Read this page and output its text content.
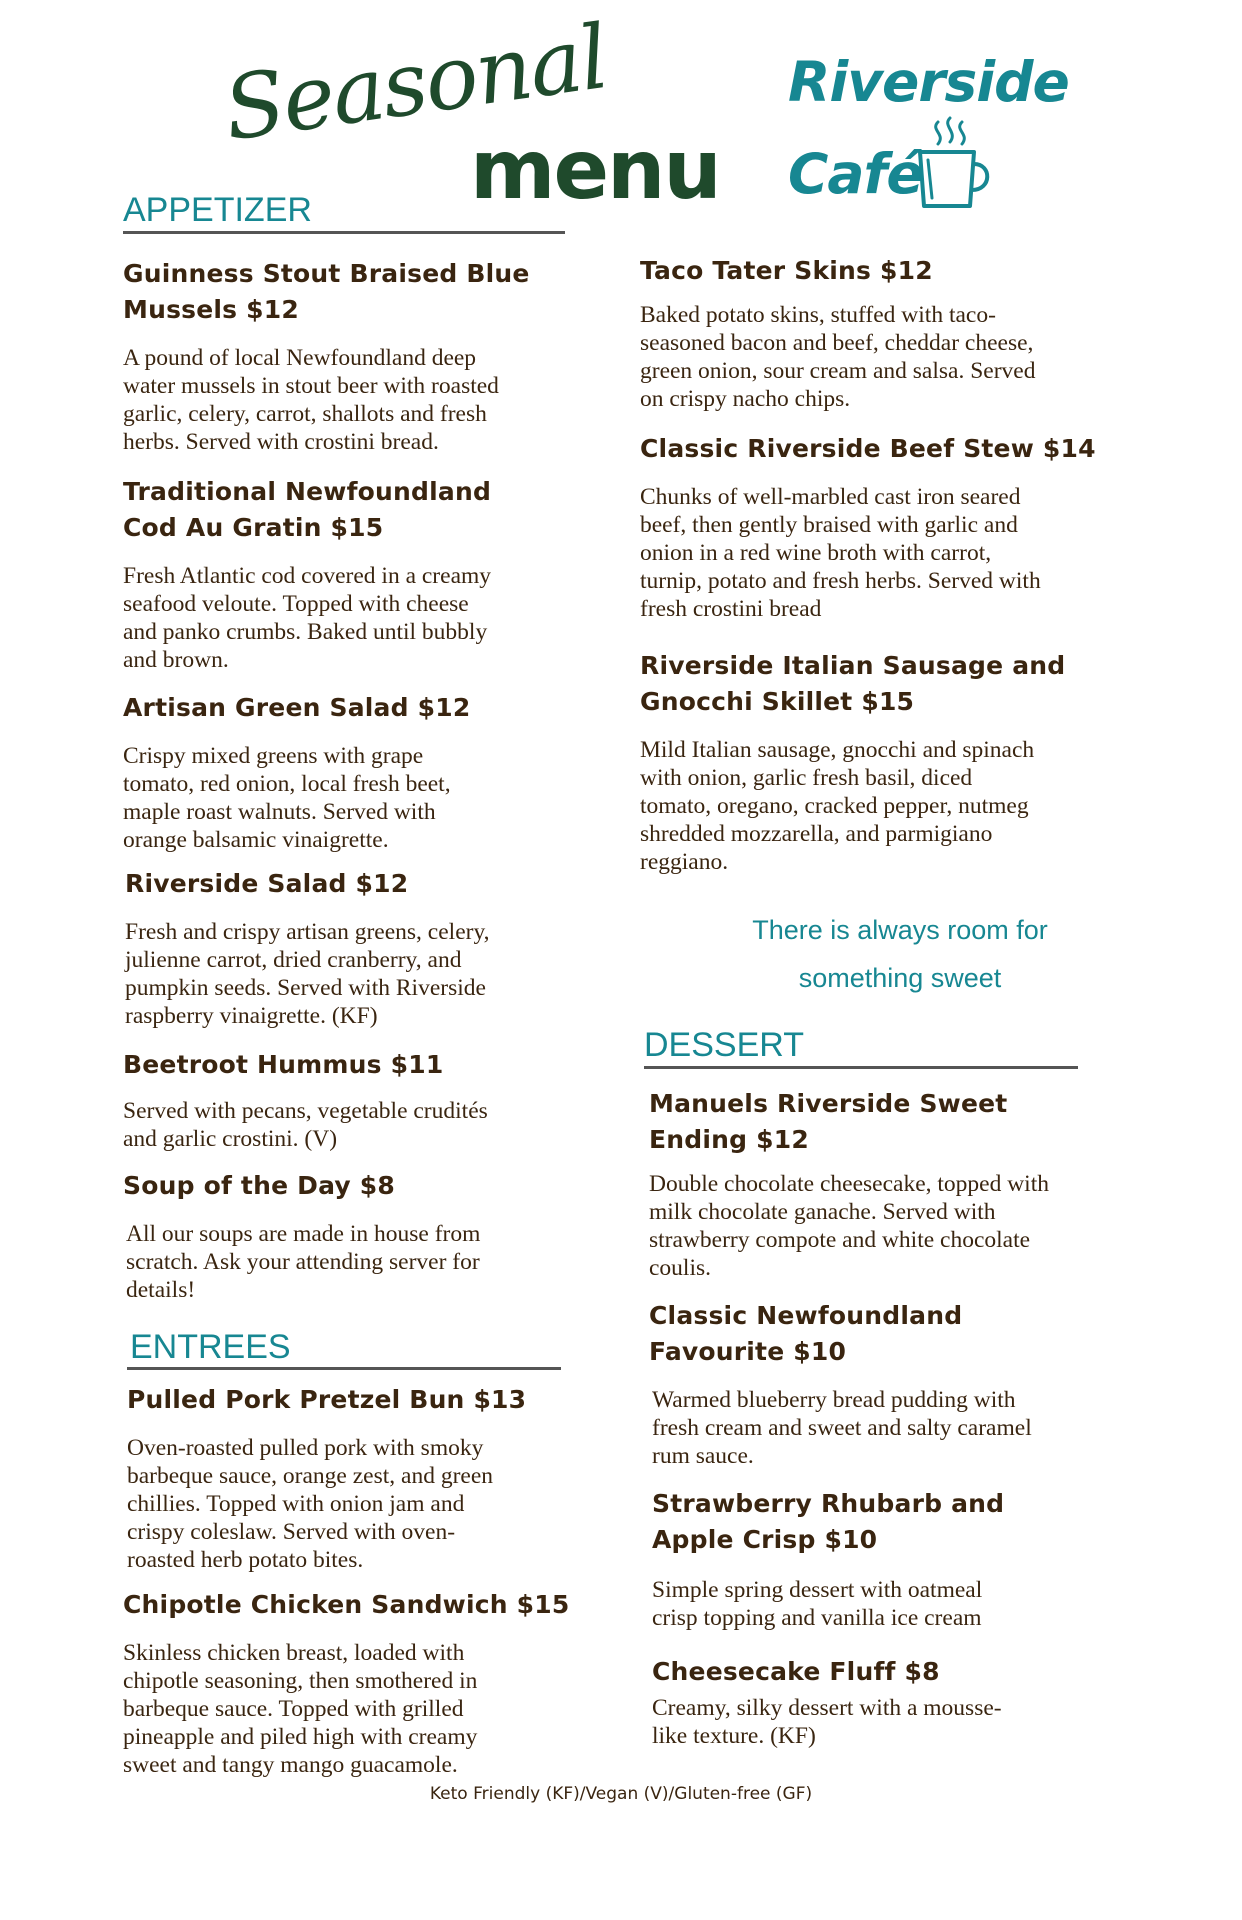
Seasonal
menu
Riverside
Café
APPETIZER
Guinness Stout Braised Blue
Mussels $12
A pound of local Newfoundland deep
water mussels in stout beer with roasted
garlic, celery, carrot, shallots and fresh
herbs. Served with crostini bread.
Traditional Newfoundland
Cod Au Gratin $15
Fresh Atlantic cod covered in a creamy
seafood veloute. Topped with cheese
and panko crumbs. Baked until bubbly
and brown.
Artisan Green Salad $12
Crispy mixed greens with grape
tomato, red onion, local fresh beet,
maple roast walnuts. Served with
orange balsamic vinaigrette.
Riverside Salad $12
Fresh and crispy artisan greens, celery,
julienne carrot, dried cranberry, and
pumpkin seeds. Served with Riverside
raspberry vinaigrette. (KF)
Beetroot Hummus $11
Served with pecans, vegetable crudités
and garlic crostini. (V)
Soup of the Day $8
All our soups are made in house from
scratch. Ask your attending server for
details!
ENTREES
Pulled Pork Pretzel Bun $13
Oven-roasted pulled pork with smoky
barbeque sauce, orange zest, and green
chillies. Topped with onion jam and
crispy coleslaw. Served with oven-
roasted herb potato bites.
Chipotle Chicken Sandwich $15
Skinless chicken breast, loaded with
chipotle seasoning, then smothered in
barbeque sauce. Topped with grilled
pineapple and piled high with creamy
sweet and tangy mango guacamole.
Taco Tater Skins $12
Baked potato skins, stuffed with taco-
seasoned bacon and beef, cheddar cheese,
green onion, sour cream and salsa. Served
on crispy nacho chips.
Classic Riverside Beef Stew $14
Chunks of well-marbled cast iron seared
beef, then gently braised with garlic and
onion in a red wine broth with carrot,
turnip, potato and fresh herbs. Served with
fresh crostini bread
Riverside Italian Sausage and
Gnocchi Skillet $15
Mild Italian sausage, gnocchi and spinach
with onion, garlic fresh basil, diced
tomato, oregano, cracked pepper, nutmeg
shredded mozzarella, and parmigiano
reggiano.
There is always room for
something sweet
DESSERT
Manuels Riverside Sweet
Ending $12
Double chocolate cheesecake, topped with
milk chocolate ganache. Served with
strawberry compote and white chocolate
coulis.
Classic Newfoundland
Favourite $10
Warmed blueberry bread pudding with
fresh cream and sweet and salty caramel
rum sauce.
Strawberry Rhubarb and
Apple Crisp $10
Simple spring dessert with oatmeal
crisp topping and vanilla ice cream
Cheesecake Fluff $8
Creamy, silky dessert with a mousse-
like texture. (KF)
Keto Friendly (KF)/Vegan (V)/Gluten-free (GF)
